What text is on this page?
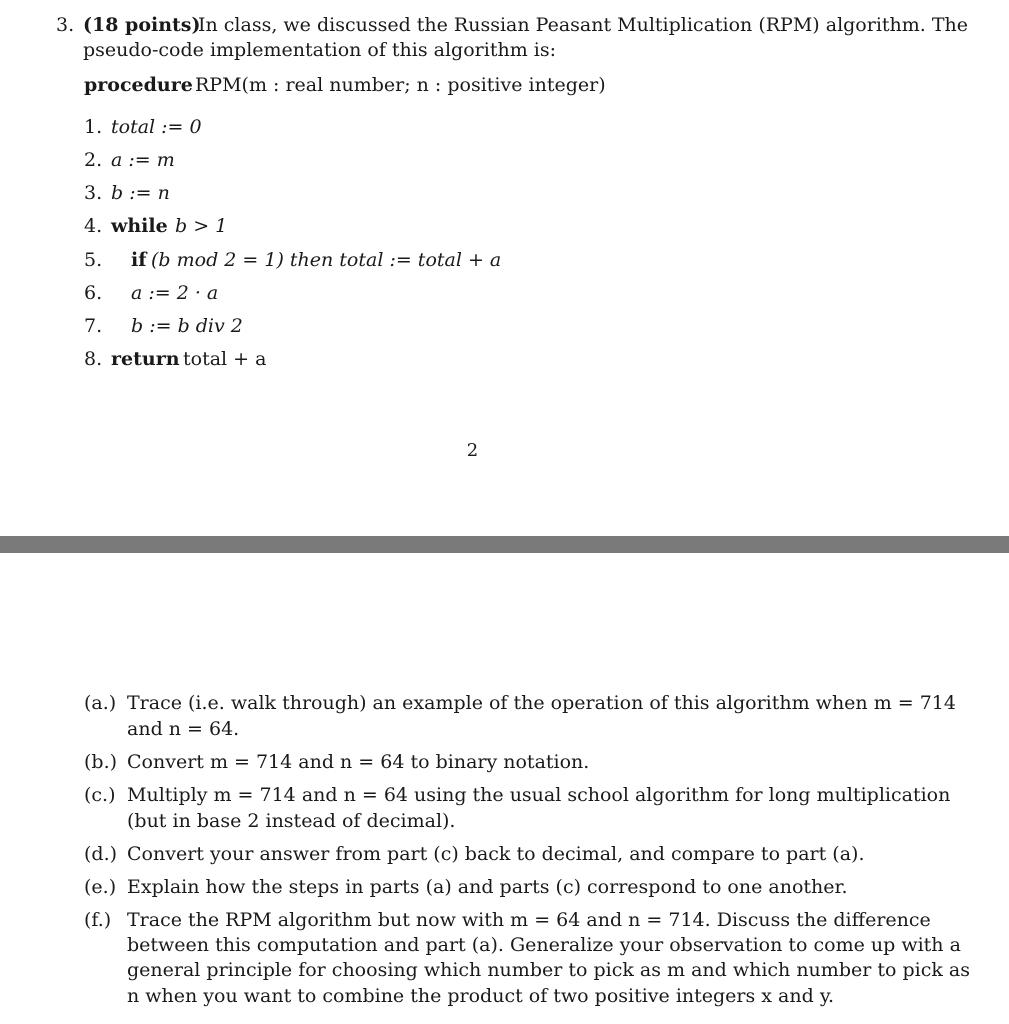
3. (18 points)
In class, we discussed the Russian Peasant Multiplication (RPM) algorithm. The
pseudo-code implementation of this algorithm is:
procedure RPM(m : real number; n : positive integer)
1. total := 0
2. a := m
3. b := n
4. while b > 1
5. if (b mod 2 = 1) then total := total + a
6. a := 2 · a
7. b := b div 2
8. return total + a
2
(a.) Trace (i.e. walk through) an example of the operation of this algorithm when m = 714
and n = 64.
(b.) Convert m = 714 and n = 64 to binary notation.
(c.) Multiply m = 714 and n = 64 using the usual school algorithm for long multiplication
(but in base 2 instead of decimal).
(d.) Convert your answer from part (c) back to decimal, and compare to part (a).
(e.) Explain how the steps in parts (a) and parts (c) correspond to one another.
(f.) Trace the RPM algorithm but now with m = 64 and n = 714. Discuss the difference
between this computation and part (a). Generalize your observation to come up with a
general principle for choosing which number to pick as m and which number to pick as
n when you want to combine the product of two positive integers x and y.
